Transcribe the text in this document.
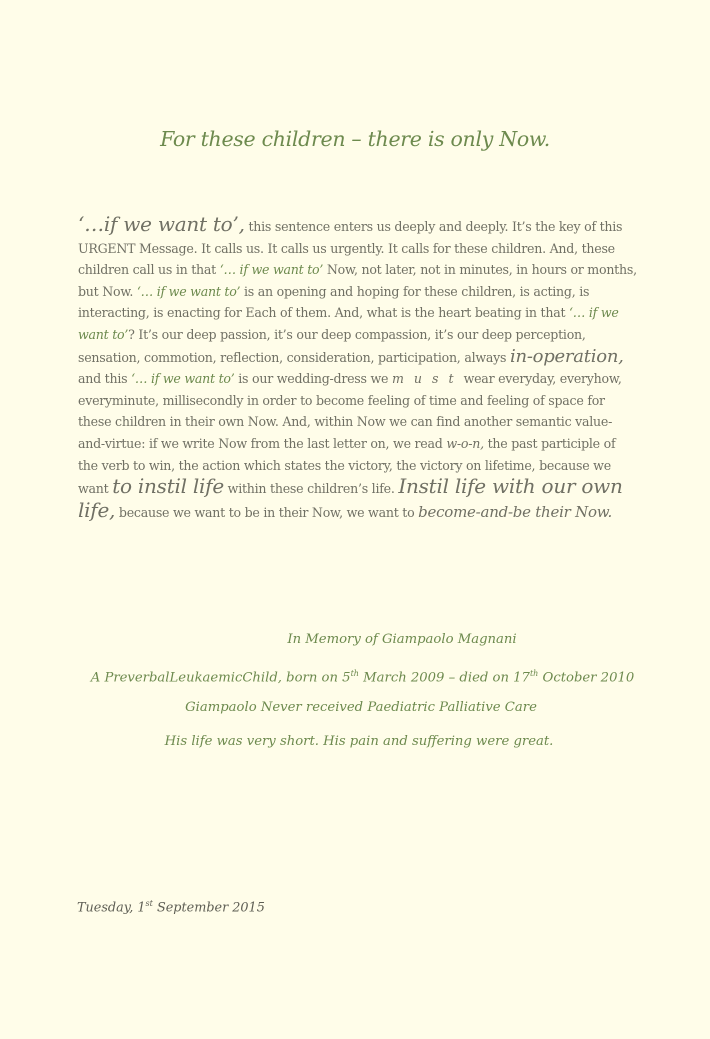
For these children – there is only Now.

‘…if we want to’, this sentence enters us deeply and deeply. It’s the key of this URGENT Message. It calls us. It calls us urgently. It calls for these children. And, these children call us in that ‘… if we want to’ Now, not later, not in minutes, in hours or months, but Now. ‘… if we want to’ is an opening and hoping for these children, is acting, is interacting, is enacting for Each of them. And, what is the heart beating in that ‘… if we want to’? It’s our deep passion, it’s our deep compassion, it’s our deep perception, sensation, commotion, reflection, consideration, participation, always in-operation, and this ‘… if we want to’ is our wedding-dress we m u s t wear everyday, everyhow, everyminute, millisecondly in order to become feeling of time and feeling of space for these children in their own Now. And, within Now we can find another semantic value-and-virtue: if we write Now from the last letter on, we read w-o-n, the past participle of the verb to win, the action which states the victory, the victory on lifetime, because we want to instil life within these children’s life. Instil life with our own life, because we want to be in their Now, we want to become-and-be their Now.

In Memory of Giampaolo Magnani
A PreverbalLeukaemicChild, born on 5th March 2009 – died on 17th October 2010
Giampaolo Never received Paediatric Palliative Care
His life was very short. His pain and suffering were great.
Tuesday, 1st September 2015
